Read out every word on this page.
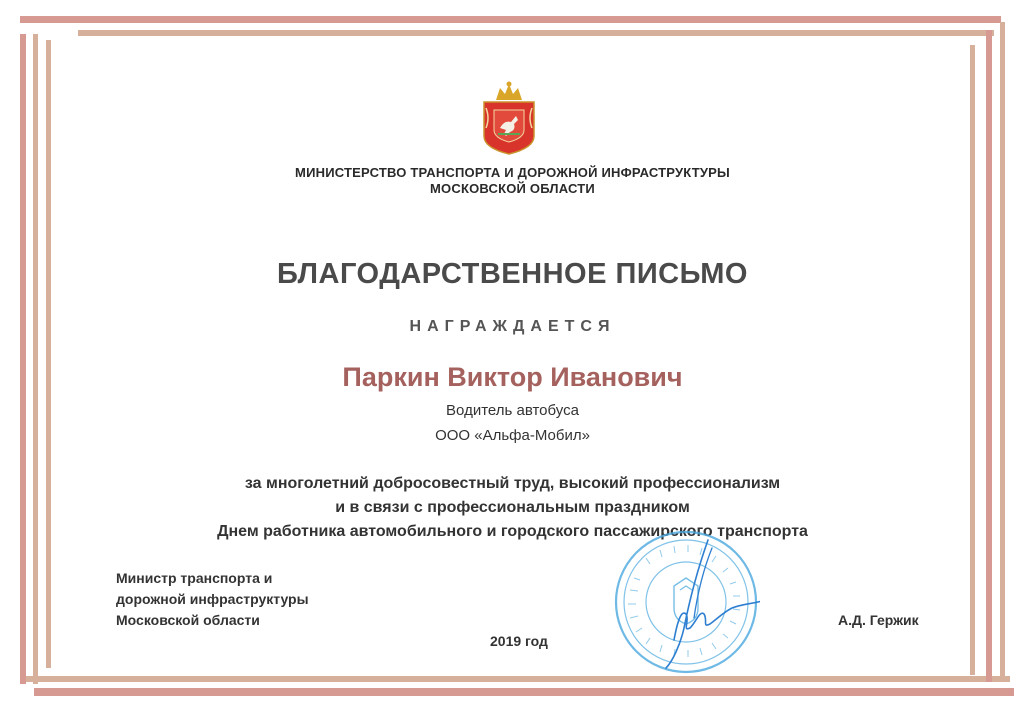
МИНИСТЕРСТВО ТРАНСПОРТА И ДОРОЖНОЙ ИНФРАСТРУКТУРЫ
МОСКОВСКОЙ ОБЛАСТИ
БЛАГОДАРСТВЕННОЕ ПИСЬМО
НАГРАЖДАЕТСЯ
Паркин Виктор Иванович
Водитель автобуса
ООО «Альфа-Мобил»
за многолетний добросовестный труд, высокий профессионализм
и в связи с профессиональным праздником
Днем работника автомобильного и городского пассажирского транспорта
Министр транспорта и
дорожной инфраструктуры
Московской области
2019 год
А.Д. Гержик
